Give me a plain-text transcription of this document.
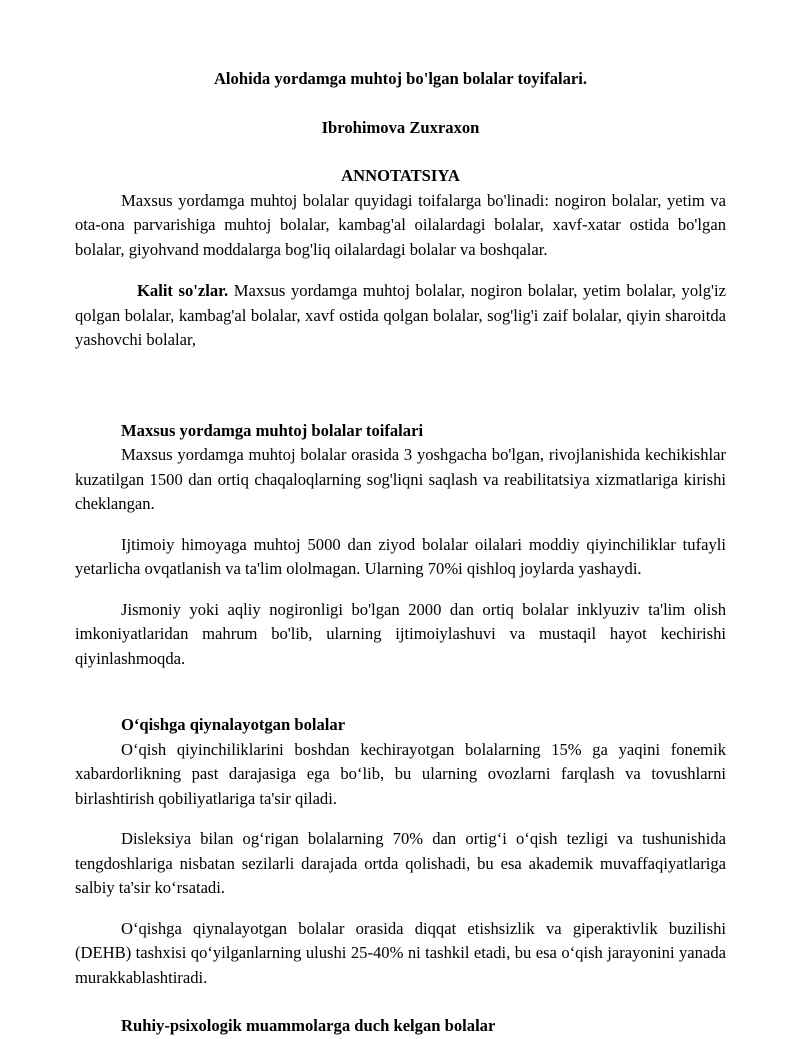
Alohida yordamga muhtoj bo'lgan bolalar toyifalari.
Ibrohimova Zuxraxon
ANNOTATSIYA

Maxsus yordamga muhtoj bolalar quyidagi toifalarga bo'linadi: nogiron bolalar, yetim va ota-ona parvarishiga muhtoj bolalar, kambag'al oilalardagi bolalar, xavf-xatar ostida bo'lgan bolalar, giyohvand moddalarga bog'liq oilalardagi bolalar va boshqalar.

Kalit so'zlar. Maxsus yordamga muhtoj bolalar, nogiron bolalar, yetim bolalar, yolg'iz qolgan bolalar, kambag'al bolalar, xavf ostida qolgan bolalar, sog'lig'i zaif bolalar, qiyin sharoitda yashovchi bolalar,

Maxsus yordamga muhtoj bolalar toifalari

Maxsus yordamga muhtoj bolalar orasida 3 yoshgacha bo'lgan, rivojlanishida kechikishlar kuzatilgan 1500 dan ortiq chaqaloqlarning sog'liqni saqlash va reabilitatsiya xizmatlariga kirishi cheklangan.

Ijtimoiy himoyaga muhtoj 5000 dan ziyod bolalar oilalari moddiy qiyinchiliklar tufayli yetarlicha ovqatlanish va ta'lim ololmagan. Ularning 70%i qishloq joylarda yashaydi.

Jismoniy yoki aqliy nogironligi bo'lgan 2000 dan ortiq bolalar inklyuziv ta'lim olish imkoniyatlaridan mahrum bo'lib, ularning ijtimoiylashuvi va mustaqil hayot kechirishi qiyinlashmoqda.

O‘qishga qiynalayotgan bolalar

O‘qish qiyinchiliklarini boshdan kechirayotgan bolalarning 15% ga yaqini fonemik xabardorlikning past darajasiga ega bo‘lib, bu ularning ovozlarni farqlash va tovushlarni birlashtirish qobiliyatlariga ta'sir qiladi.

Disleksiya bilan og‘rigan bolalarning 70% dan ortig‘i o‘qish tezligi va tushunishida tengdoshlariga nisbatan sezilarli darajada ortda qolishadi, bu esa akademik muvaffaqiyatlariga salbiy ta'sir ko‘rsatadi.

O‘qishga qiynalayotgan bolalar orasida diqqat etishsizlik va giperaktivlik buzilishi (DEHB) tashxisi qo‘yilganlarning ulushi 25-40% ni tashkil etadi, bu esa o‘qish jarayonini yanada murakkablashtiradi.

Ruhiy-psixologik muammolarga duch kelgan bolalar
